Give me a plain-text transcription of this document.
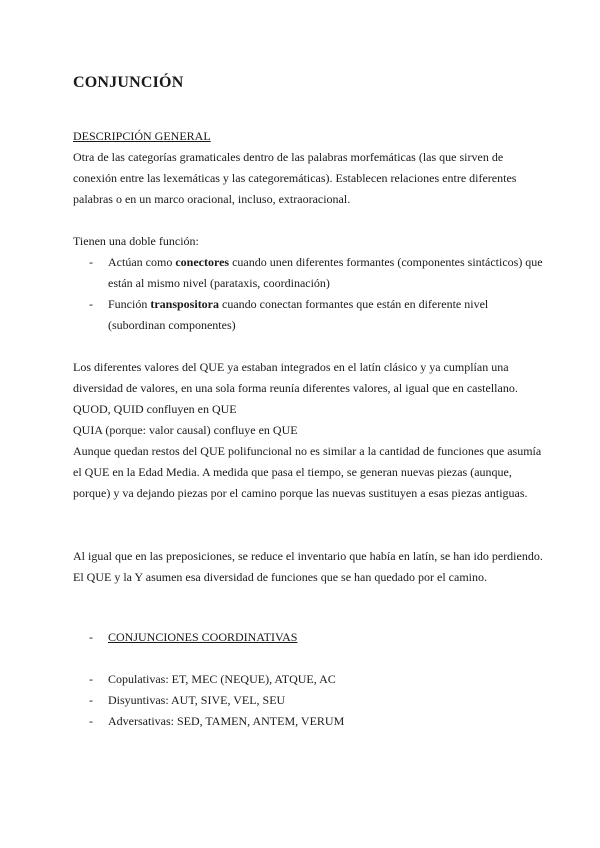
CONJUNCIÓN
DESCRIPCIÓN GENERAL
Otra de las categorías gramaticales dentro de las palabras morfemáticas (las que sirven de conexión entre las lexemáticas y las categoremáticas). Establecen relaciones entre diferentes palabras o en un marco oracional, incluso, extraoracional.
Tienen una doble función:
- Actúan como conectores cuando unen diferentes formantes (componentes sintácticos) que están al mismo nivel (parataxis, coordinación)
- Función transpositora cuando conectan formantes que están en diferente nivel (subordinan componentes)
Los diferentes valores del QUE ya estaban integrados en el latín clásico y ya cumplían una diversidad de valores, en una sola forma reunía diferentes valores, al igual que en castellano.
QUOD, QUID confluyen en QUE
QUIA (porque: valor causal) confluye en QUE
Aunque quedan restos del QUE polifuncional no es similar a la cantidad de funciones que asumía el QUE en la Edad Media. A medida que pasa el tiempo, se generan nuevas piezas (aunque, porque) y va dejando piezas por el camino porque las nuevas sustituyen a esas piezas antiguas.
Al igual que en las preposiciones, se reduce el inventario que había en latín, se han ido perdiendo. El QUE y la Y asumen esa diversidad de funciones que se han quedado por el camino.
- CONJUNCIONES COORDINATIVAS
- Copulativas: ET, MEC (NEQUE), ATQUE, AC
- Disyuntivas: AUT, SIVE, VEL, SEU
- Adversativas: SED, TAMEN, ANTEM, VERUM
